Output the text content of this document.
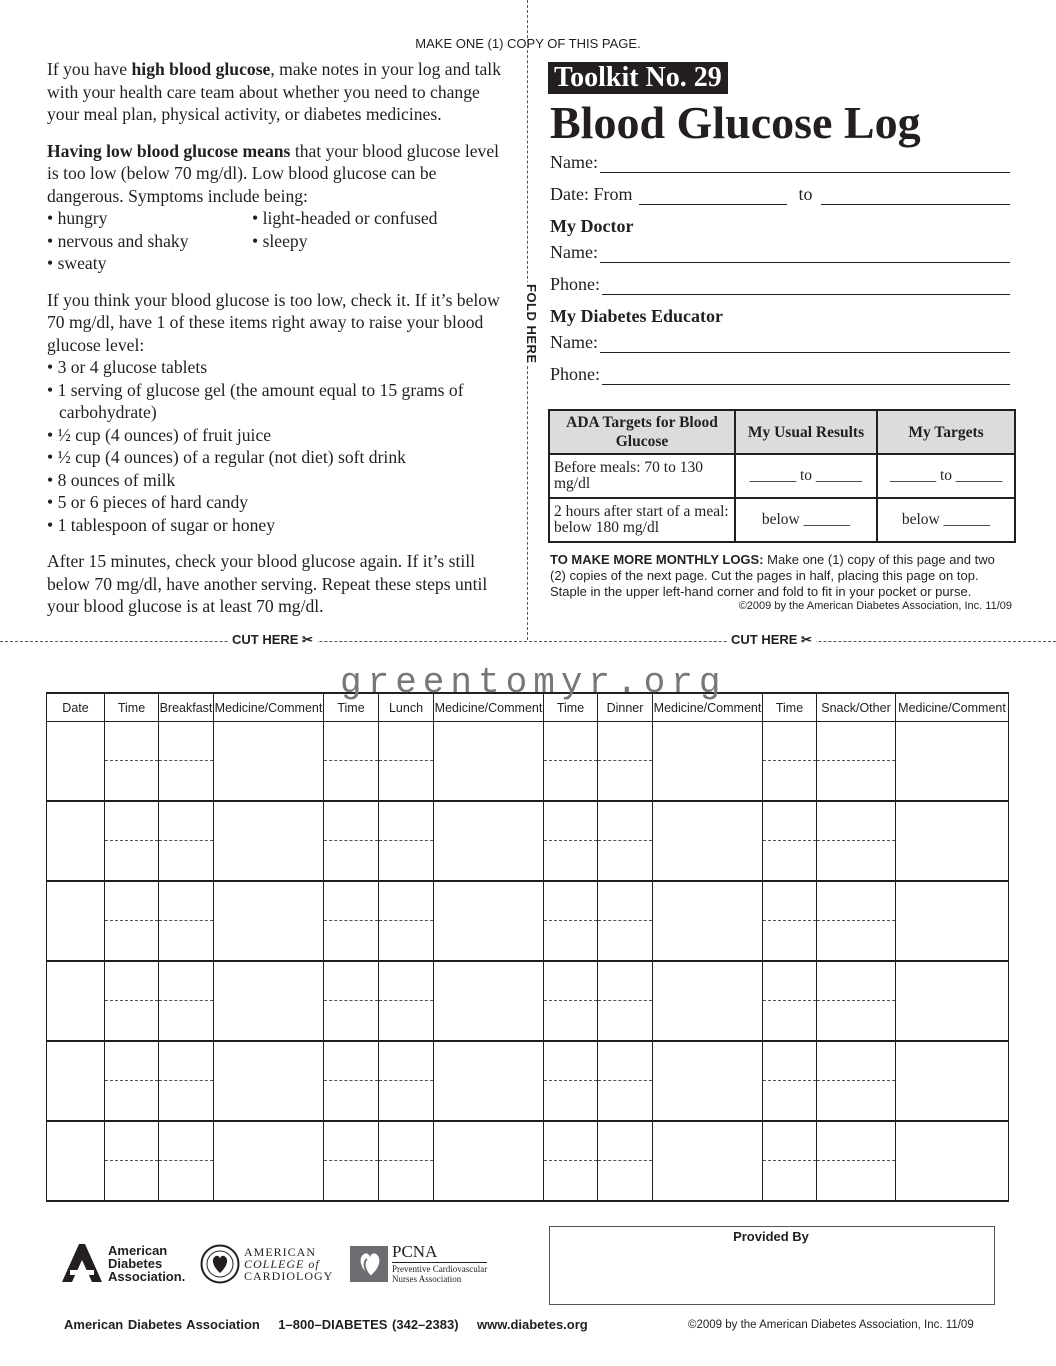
MAKE ONE (1) COPY OF THIS PAGE.
FOLD HERE

If you have high blood glucose, make notes in your log and talk with your health care team about whether you need to change your meal plan, physical activity, or diabetes medicines.

Having low blood glucose means that your blood glucose level is too low (below 70 mg/dl). Low blood glucose can be dangerous. Symptoms include being:

• hungry	• light-headed or confused
• nervous and shaky	• sleepy
• sweaty

If you think your blood glucose is too low, check it. If it’s below 70 mg/dl, have 1 of these items right away to raise your blood glucose level:

• 3 or 4 glucose tablets
• 1 serving of glucose gel (the amount equal to 15 grams of carbohydrate)
• ½ cup (4 ounces) of fruit juice
• ½ cup (4 ounces) of a regular (not diet) soft drink
• 8 ounces of milk
• 5 or 6 pieces of hard candy
• 1 tablespoon of sugar or honey

After 15 minutes, check your blood glucose again. If it’s still below 70 mg/dl, have another serving. Repeat these steps until your blood glucose is at least 70 mg/dl.

Toolkit No. 29
Blood Glucose Log
Name:
Date: From	to
My Doctor
Name:
Phone:
My Diabetes Educator
Name:
Phone:
ADA Targets for Blood Glucose	My Usual Results	My Targets
Before meals: 70 to 130 mg/dl	______ to ______	______ to ______
2 hours after start of a meal: below 180 mg/dl	below ______	below ______
TO MAKE MORE MONTHLY LOGS: Make one (1) copy of this page and two (2) copies of the next page. Cut the pages in half, placing this page on top. Staple in the upper left-hand corner and fold to fit in your pocket or purse.
©2009 by the American Diabetes Association, Inc. 11/09
CUT HERE ✂	CUT HERE ✂
Date	Time	Breakfast	Medicine/Comment	Time	Lunch	Medicine/Comment	Time	Dinner	Medicine/Comment	Time	Snack/Other	Medicine/Comment

greentomyr.org
Provided By
American
Diabetes
Association.
AMERICAN
COLLEGE of
CARDIOLOGY
PCNA
Preventive Cardiovascular
Nurses Association
American Diabetes Association    1–800–DIABETES (342–2383)    www.diabetes.org	©2009 by the American Diabetes Association, Inc. 11/09
